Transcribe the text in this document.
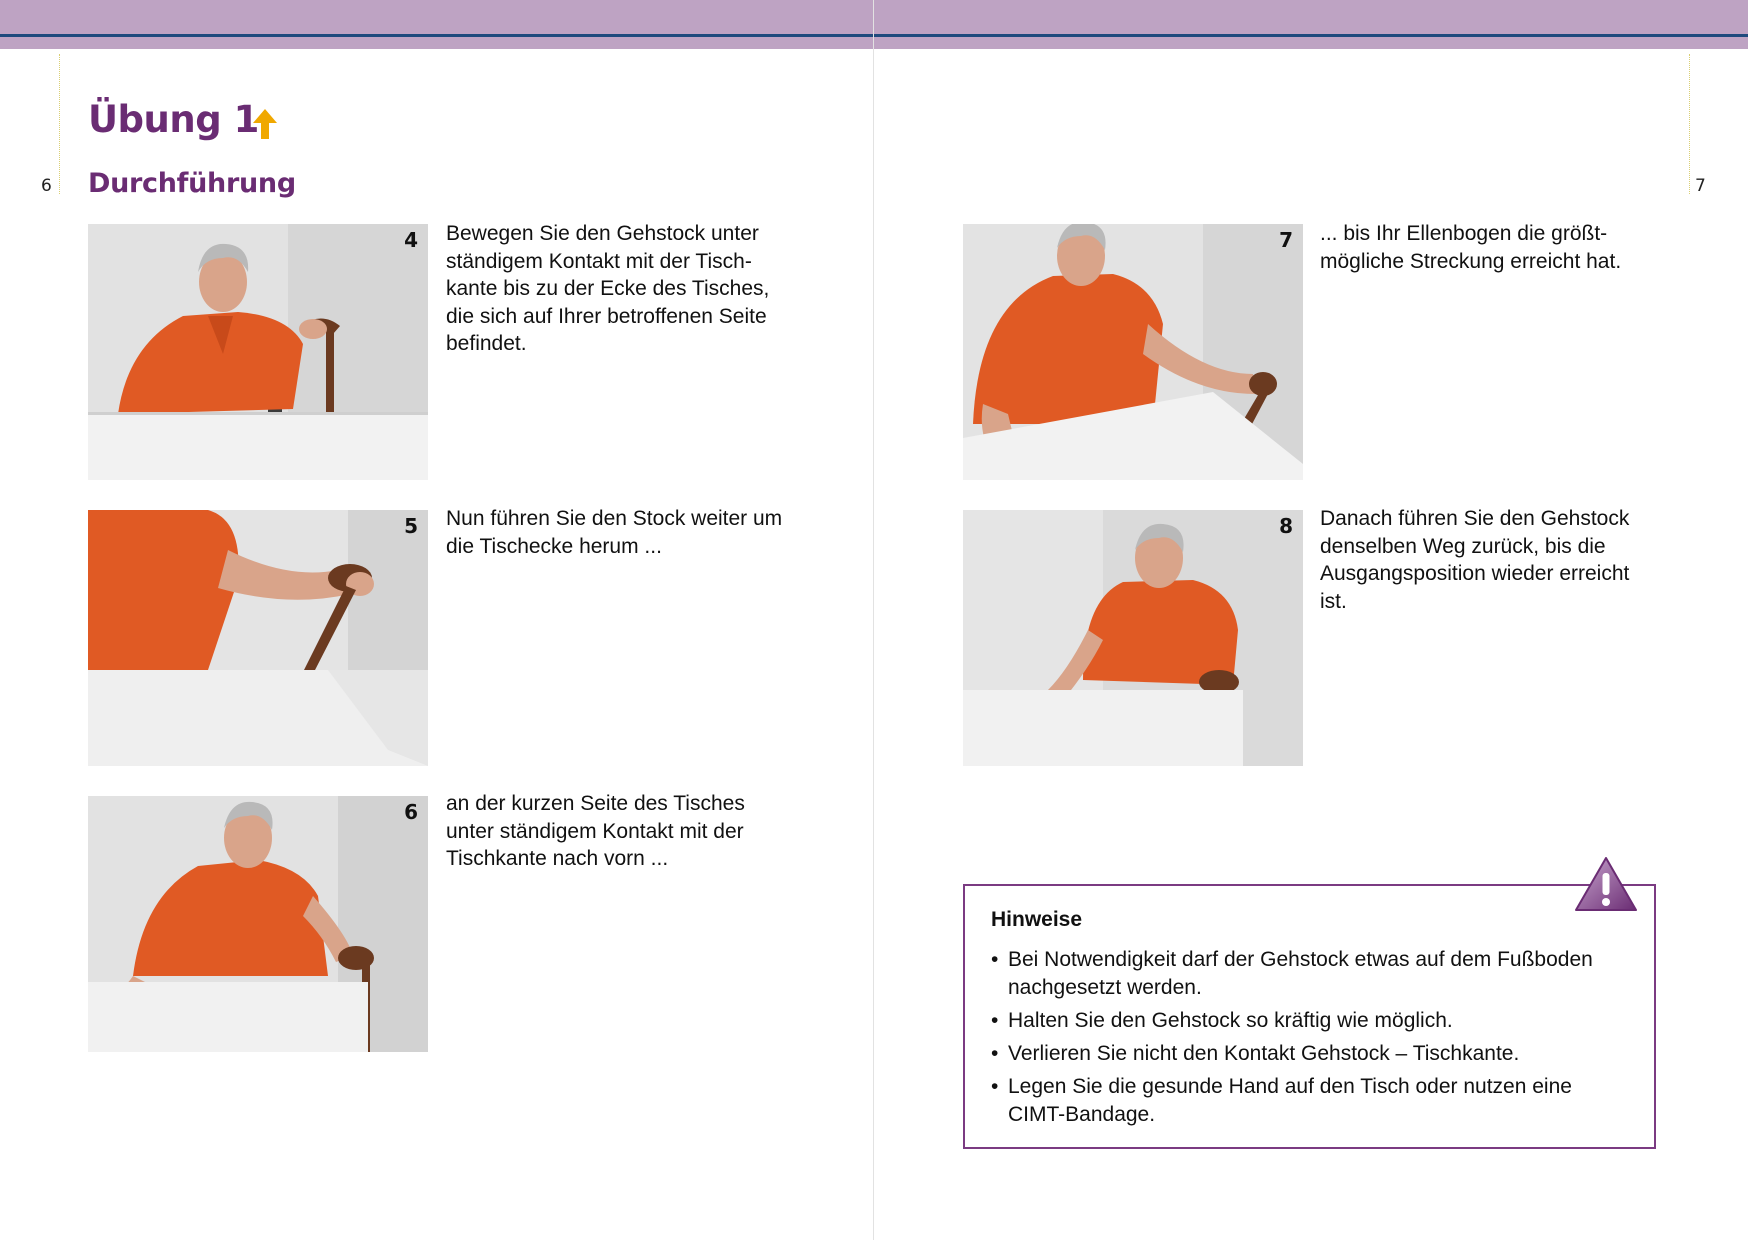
6	7
Übung 1
Durchführung
4 Bewegen Sie den Gehstock unter ständigem Kontakt mit der Tischkante bis zu der Ecke des Tisches, die sich auf Ihrer betroffenen Seite befindet.

5 Nun führen Sie den Stock weiter um die Tischecke herum ...

6 an der kurzen Seite des Tisches unter ständigem Kontakt mit der Tischkante nach vorn ...

7 ... bis Ihr Ellenbogen die größtmögliche Streckung erreicht hat.

8 Danach führen Sie den Gehstock denselben Weg zurück, bis die Ausgangsposition wieder erreicht ist.

Hinweise
• Bei Notwendigkeit darf der Gehstock etwas auf dem Fußboden nachgesetzt werden.
• Halten Sie den Gehstock so kräftig wie möglich.
• Verlieren Sie nicht den Kontakt Gehstock – Tischkante.
• Legen Sie die gesunde Hand auf den Tisch oder nutzen eine CIMT-Bandage.
